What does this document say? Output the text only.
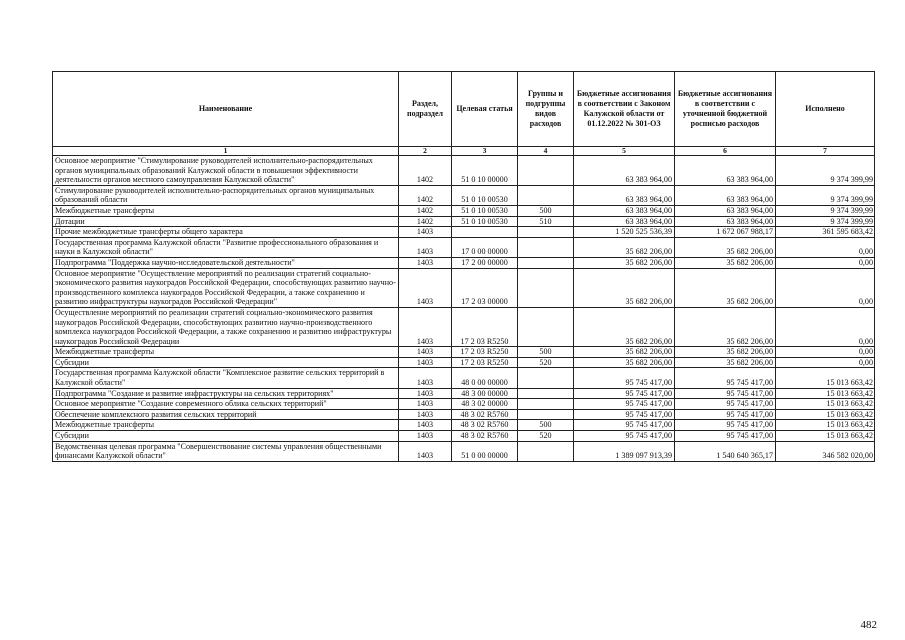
Наименование	Раздел, подраздел	Целевая статья	Группы и подгруппы видов расходов	Бюджетные ассигнования в соответствии с Законом Калужской области от 01.12.2022 № 301-ОЗ	Бюджетные ассигнования в соответствии с уточненной бюджетной росписью расходов	Исполнено
1	2	3	4	5	6	7
Основное мероприятие "Стимулирование руководителей исполнительно-распорядительных органов муниципальных образований Калужской области в повышении эффективности деятельности органов местного самоуправления Калужской области"	1402	51 0 10 00000		63 383 964,00	63 383 964,00	9 374 399,99
Стимулирование руководителей исполнительно-распорядительных органов муниципальных образований области	1402	51 0 10 00530		63 383 964,00	63 383 964,00	9 374 399,99
Межбюджетные трансферты	1402	51 0 10 00530	500	63 383 964,00	63 383 964,00	9 374 399,99
Дотации	1402	51 0 10 00530	510	63 383 964,00	63 383 964,00	9 374 399,99
Прочие межбюджетные трансферты общего характера	1403			1 520 525 536,39	1 672 067 988,17	361 595 683,42
Государственная программа Калужской области "Развитие профессионального образования и науки в Калужской области"	1403	17 0 00 00000		35 682 206,00	35 682 206,00	0,00
Подпрограмма "Поддержка научно-исследовательской деятельности"	1403	17 2 00 00000		35 682 206,00	35 682 206,00	0,00
Основное мероприятие "Осуществление мероприятий по реализации стратегий социально-экономического развития наукоградов Российской Федерации, способствующих развитию научно-производственного комплекса наукоградов Российской Федерации, а также сохранению и развитию инфраструктуры наукоградов Российской Федерации"	1403	17 2 03 00000		35 682 206,00	35 682 206,00	0,00
Осуществление мероприятий по реализации стратегий социально-экономического развития наукоградов Российской Федерации, способствующих развитию научно-производственного комплекса наукоградов Российской Федерации, а также сохранению и развитию инфраструктуры наукоградов Российской Федерации	1403	17 2 03 R5250		35 682 206,00	35 682 206,00	0,00
Межбюджетные трансферты	1403	17 2 03 R5250	500	35 682 206,00	35 682 206,00	0,00
Субсидии	1403	17 2 03 R5250	520	35 682 206,00	35 682 206,00	0,00
Государственная программа Калужской области "Комплексное развитие сельских территорий в Калужской области"	1403	48 0 00 00000		95 745 417,00	95 745 417,00	15 013 663,42
Подпрограмма "Создание и развитие инфраструктуры на сельских территориях"	1403	48 3 00 00000		95 745 417,00	95 745 417,00	15 013 663,42
Основное мероприятие "Создание современного облика сельских территорий"	1403	48 3 02 00000		95 745 417,00	95 745 417,00	15 013 663,42
Обеспечение комплексного развития сельских территорий	1403	48 3 02 R5760		95 745 417,00	95 745 417,00	15 013 663,42
Межбюджетные трансферты	1403	48 3 02 R5760	500	95 745 417,00	95 745 417,00	15 013 663,42
Субсидии	1403	48 3 02 R5760	520	95 745 417,00	95 745 417,00	15 013 663,42
Ведомственная целевая программа "Совершенствование системы управления общественными финансами Калужской области"	1403	51 0 00 00000		1 389 097 913,39	1 540 640 365,17	346 582 020,00
482
